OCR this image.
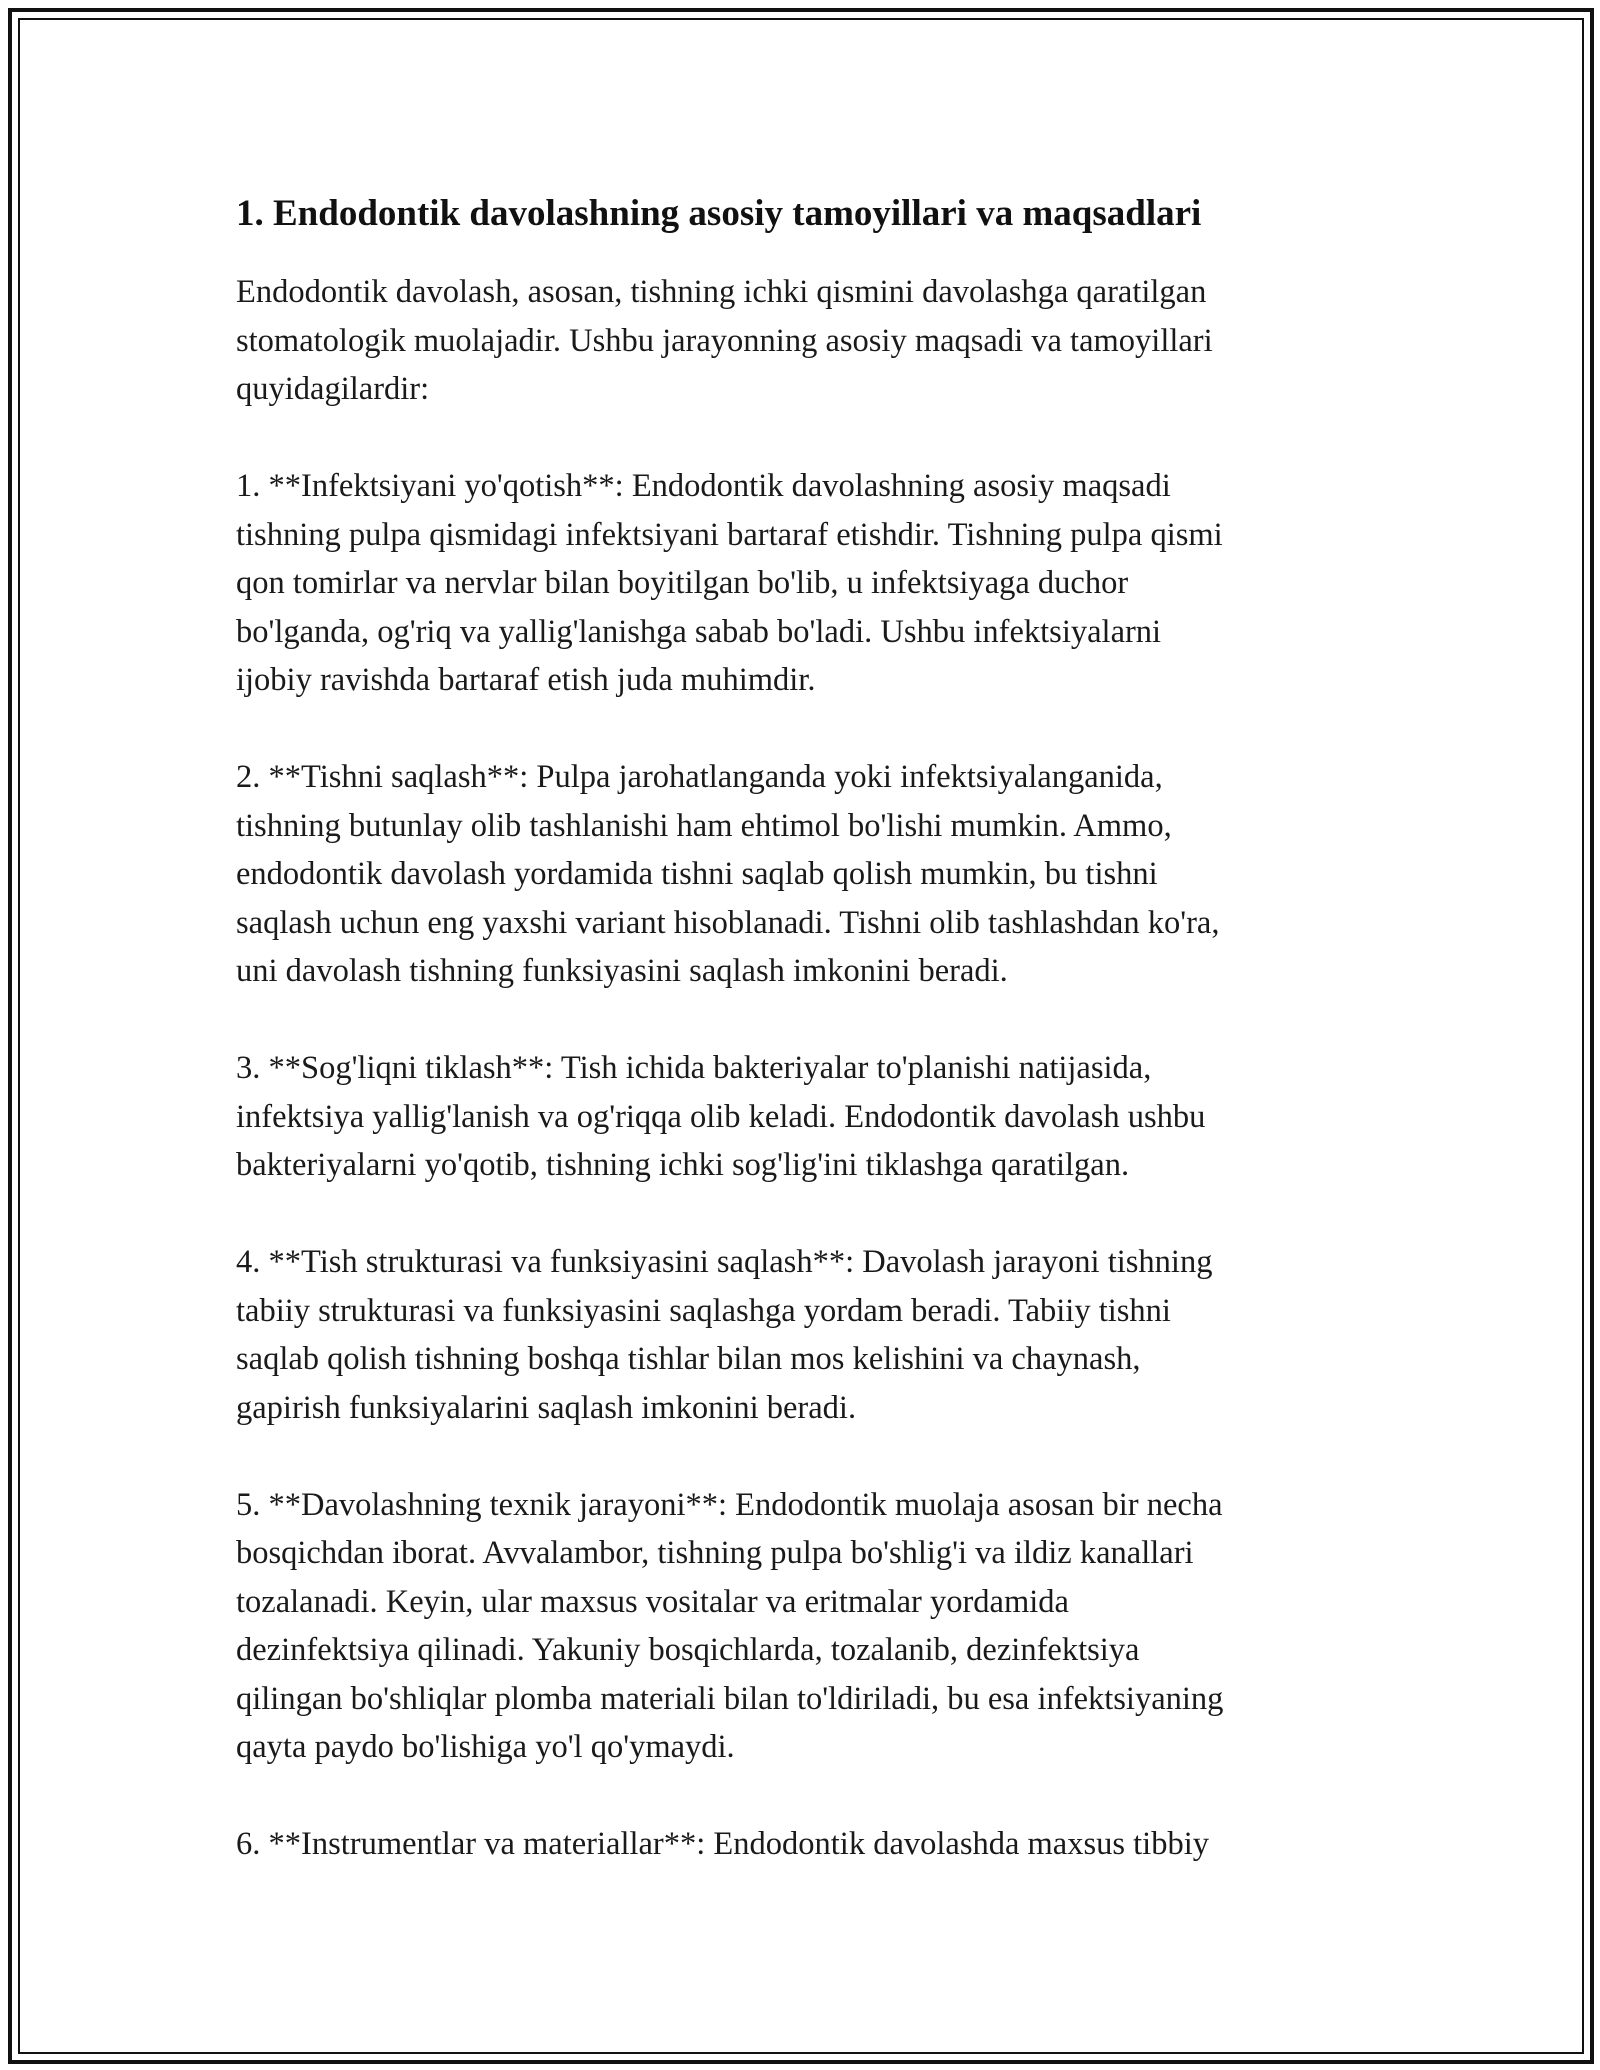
1. Endodontik davolashning asosiy tamoyillari va maqsadlari
Endodontik davolash, asosan, tishning ichki qismini davolashga qaratilgan
stomatologik muolajadir. Ushbu jarayonning asosiy maqsadi va tamoyillari
quyidagilardir:
1. **Infektsiyani yo'qotish**: Endodontik davolashning asosiy maqsadi
tishning pulpa qismidagi infektsiyani bartaraf etishdir. Tishning pulpa qismi
qon tomirlar va nervlar bilan boyitilgan bo'lib, u infektsiyaga duchor
bo'lganda, og'riq va yallig'lanishga sabab bo'ladi. Ushbu infektsiyalarni
ijobiy ravishda bartaraf etish juda muhimdir.
2. **Tishni saqlash**: Pulpa jarohatlanganda yoki infektsiyalanganida,
tishning butunlay olib tashlanishi ham ehtimol bo'lishi mumkin. Ammo,
endodontik davolash yordamida tishni saqlab qolish mumkin, bu tishni
saqlash uchun eng yaxshi variant hisoblanadi. Tishni olib tashlashdan ko'ra,
uni davolash tishning funksiyasini saqlash imkonini beradi.
3. **Sog'liqni tiklash**: Tish ichida bakteriyalar to'planishi natijasida,
infektsiya yallig'lanish va og'riqqa olib keladi. Endodontik davolash ushbu
bakteriyalarni yo'qotib, tishning ichki sog'lig'ini tiklashga qaratilgan.
4. **Tish strukturasi va funksiyasini saqlash**: Davolash jarayoni tishning
tabiiy strukturasi va funksiyasini saqlashga yordam beradi. Tabiiy tishni
saqlab qolish tishning boshqa tishlar bilan mos kelishini va chaynash,
gapirish funksiyalarini saqlash imkonini beradi.
5. **Davolashning texnik jarayoni**: Endodontik muolaja asosan bir necha
bosqichdan iborat. Avvalambor, tishning pulpa bo'shlig'i va ildiz kanallari
tozalanadi. Keyin, ular maxsus vositalar va eritmalar yordamida
dezinfektsiya qilinadi. Yakuniy bosqichlarda, tozalanib, dezinfektsiya
qilingan bo'shliqlar plomba materiali bilan to'ldiriladi, bu esa infektsiyaning
qayta paydo bo'lishiga yo'l qo'ymaydi.
6. **Instrumentlar va materiallar**: Endodontik davolashda maxsus tibbiy
